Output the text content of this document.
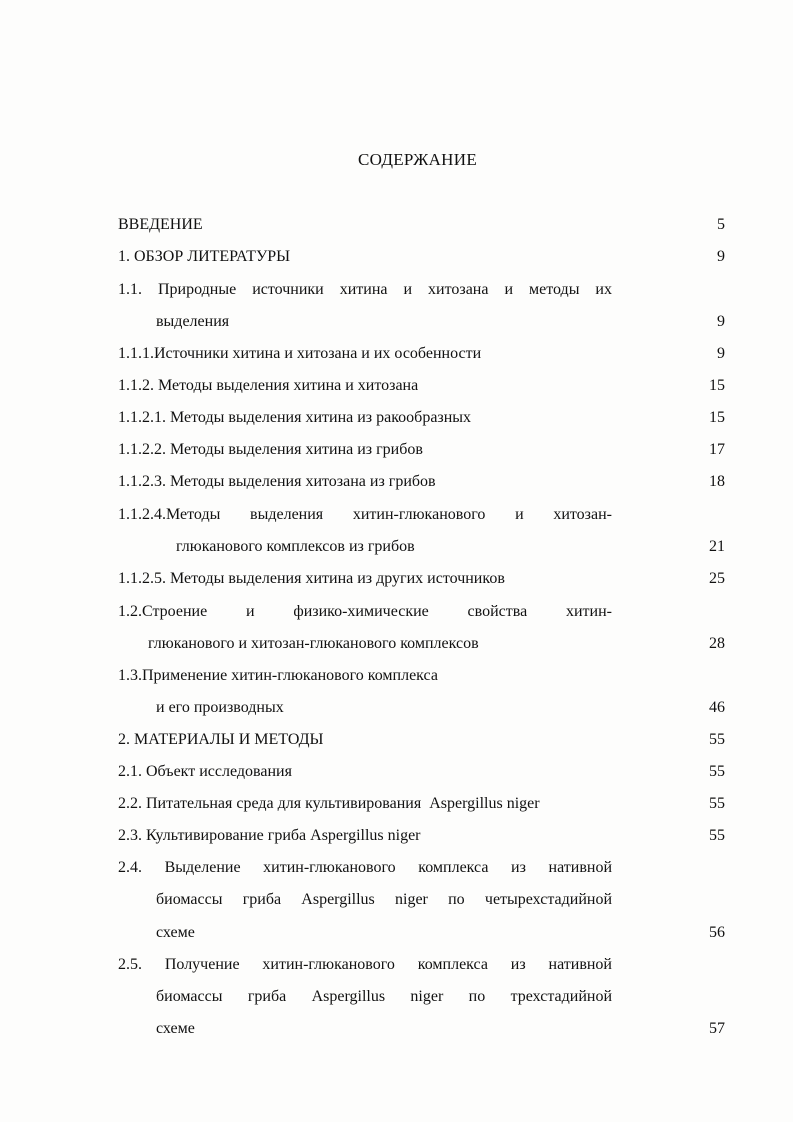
СОДЕРЖАНИЕ
ВВЕДЕНИЕ	5
1. ОБЗОР ЛИТЕРАТУРЫ	9
1.1. Природные источники хитина и хитозана и методы их
выделения	9
1.1.1.Источники хитина и хитозана и их особенности	9
1.1.2. Методы выделения хитина и хитозана	15
1.1.2.1. Методы выделения хитина из ракообразных	15
1.1.2.2. Методы выделения хитина из грибов	17
1.1.2.3. Методы выделения хитозана из грибов	18
1.1.2.4.Методы выделения хитин-глюканового и хитозан-
глюканового комплексов из грибов	21
1.1.2.5. Методы выделения хитина из других источников	25
1.2.Строение и физико-химические свойства хитин-
глюканового и хитозан-глюканового комплексов	28
1.3.Применение хитин-глюканового комплекса
и его производных	46
2. МАТЕРИАЛЫ И МЕТОДЫ	55
2.1. Объект исследования	55
2.2. Питательная среда для культивирования  Aspergillus niger	55
2.3. Культивирование гриба Aspergillus niger	55
2.4. Выделение хитин-глюканового комплекса из нативной
биомассы гриба Aspergillus niger по четырехстадийной
схеме	56
2.5. Получение хитин-глюканового комплекса из нативной
биомассы гриба Aspergillus niger по трехстадийной
схеме	57
